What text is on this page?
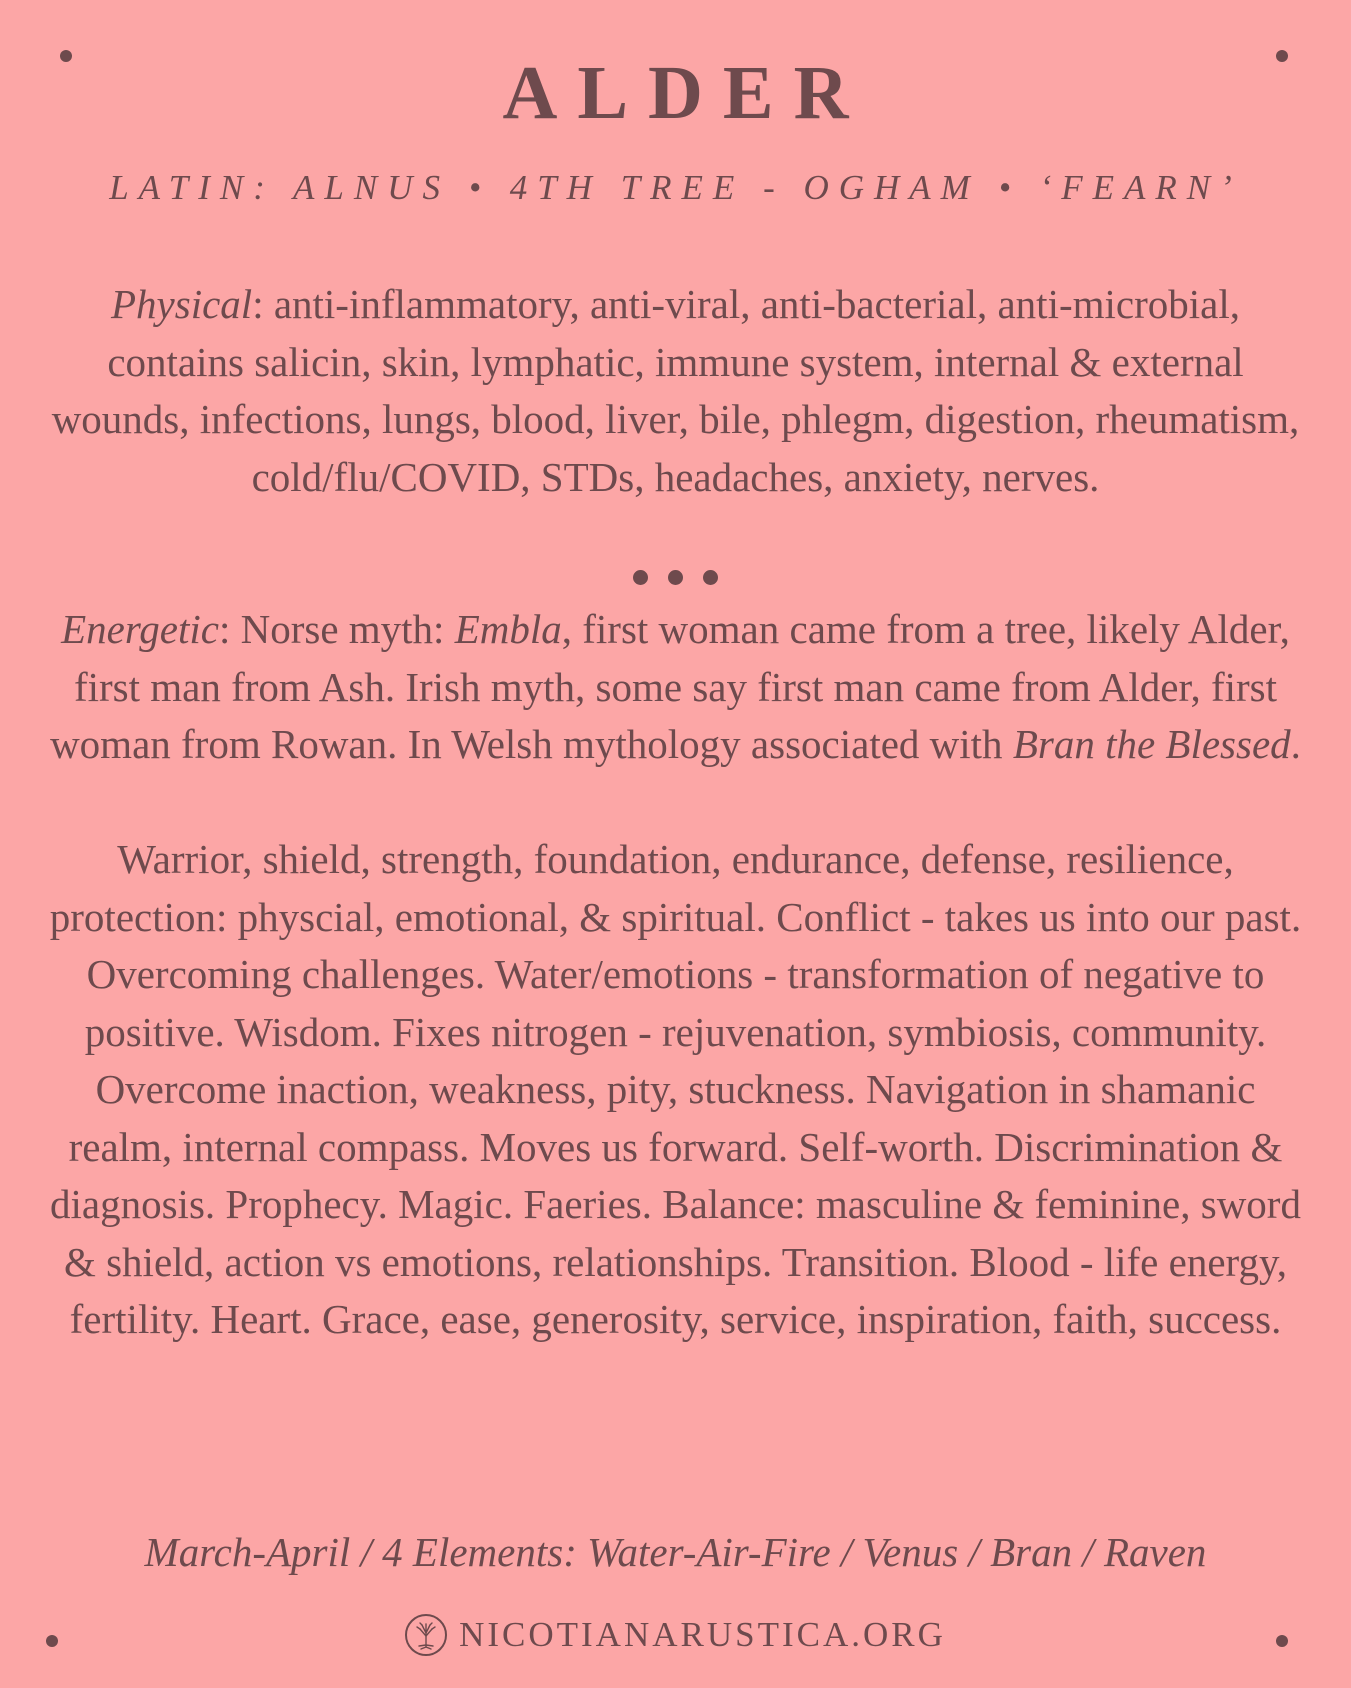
ALDER
LATIN: ALNUS • 4TH TREE - OGHAM • ‘FEARN’
Physical: anti-inflammatory, anti-viral, anti-bacterial, anti-microbial, contains salicin, skin, lymphatic, immune system, internal & external wounds, infections, lungs, blood, liver, bile, phlegm, digestion, rheumatism, cold/flu/COVID, STDs, headaches, anxiety, nerves.
Energetic: Norse myth: Embla, first woman came from a tree, likely Alder, first man from Ash. Irish myth, some say first man came from Alder, first woman from Rowan. In Welsh mythology associated with Bran the Blessed.
Warrior, shield, strength, foundation, endurance, defense, resilience, protection: physcial, emotional, & spiritual. Conflict - takes us into our past. Overcoming challenges. Water/emotions - transformation of negative to positive. Wisdom. Fixes nitrogen - rejuvenation, symbiosis, community. Overcome inaction, weakness, pity, stuckness. Navigation in shamanic realm, internal compass. Moves us forward. Self-worth. Discrimination & diagnosis. Prophecy. Magic. Faeries. Balance: masculine & feminine, sword & shield, action vs emotions, relationships. Transition. Blood - life energy, fertility. Heart. Grace, ease, generosity, service, inspiration, faith, success.
March-April / 4 Elements: Water-Air-Fire / Venus / Bran / Raven
NICOTIANARUSTICA.ORG
